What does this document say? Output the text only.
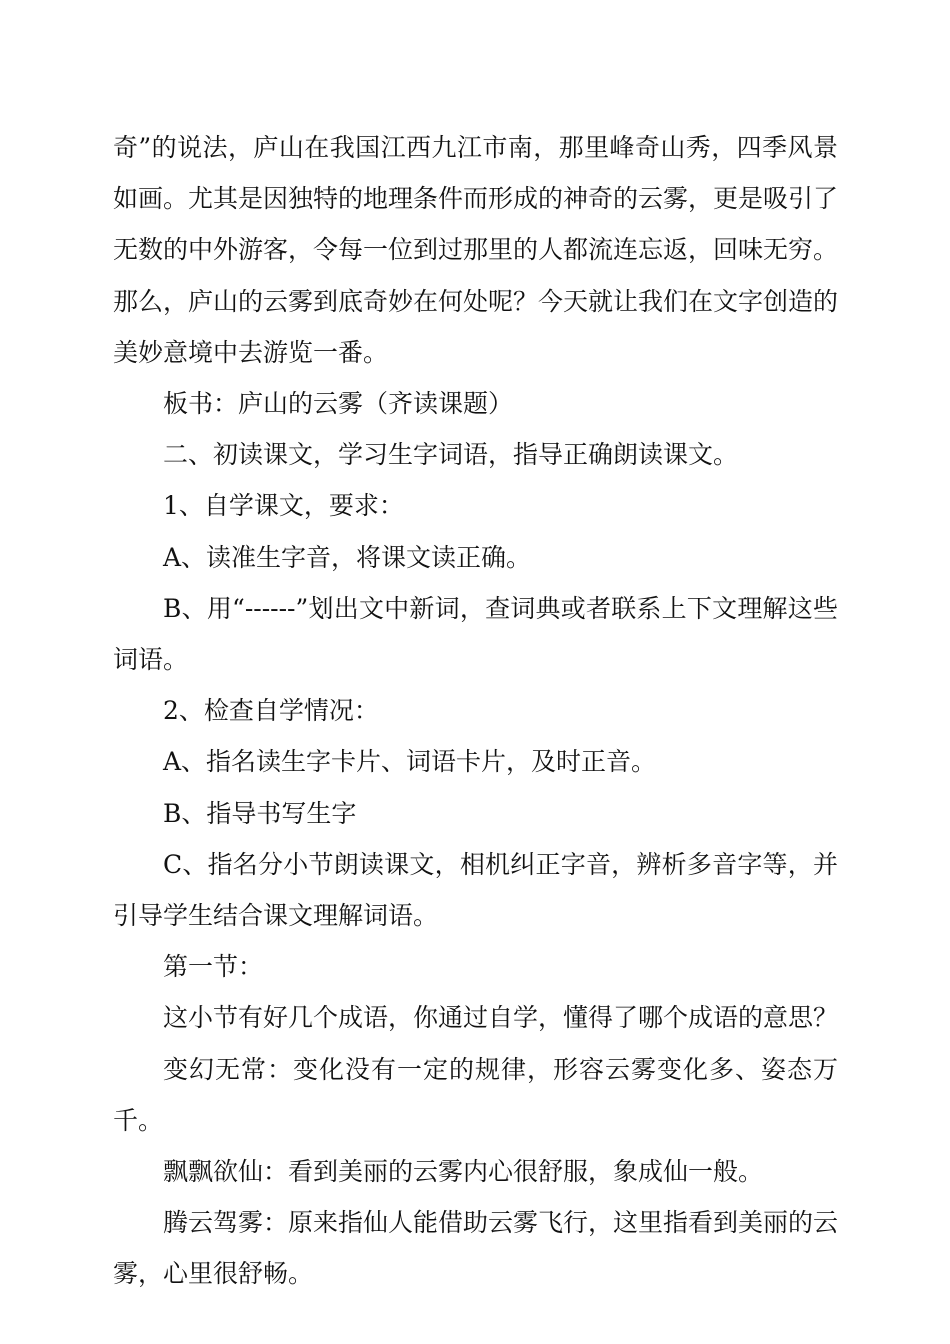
奇”的说法，庐山在我国江西九江市南，那里峰奇山秀，四季风景如画。尤其是因独特的地理条件而形成的神奇的云雾，更是吸引了无数的中外游客，令每一位到过那里的人都流连忘返，回味无穷。那么，庐山的云雾到底奇妙在何处呢？今天就让我们在文字创造的美妙意境中去游览一番。

板书：庐山的云雾（齐读课题）

二、初读课文，学习生字词语，指导正确朗读课文。

1、自学课文，要求：

A、读准生字音，将课文读正确。

B、用“------”划出文中新词，查词典或者联系上下文理解这些词语。

2、检查自学情况：

A、指名读生字卡片、词语卡片，及时正音。

B、指导书写生字

C、指名分小节朗读课文，相机纠正字音，辨析多音字等，并引导学生结合课文理解词语。

第一节：

这小节有好几个成语，你通过自学，懂得了哪个成语的意思？

变幻无常：变化没有一定的规律，形容云雾变化多、姿态万千。

飘飘欲仙：看到美丽的云雾内心很舒服，象成仙一般。

腾云驾雾：原来指仙人能借助云雾飞行，这里指看到美丽的云雾，心里很舒畅。
